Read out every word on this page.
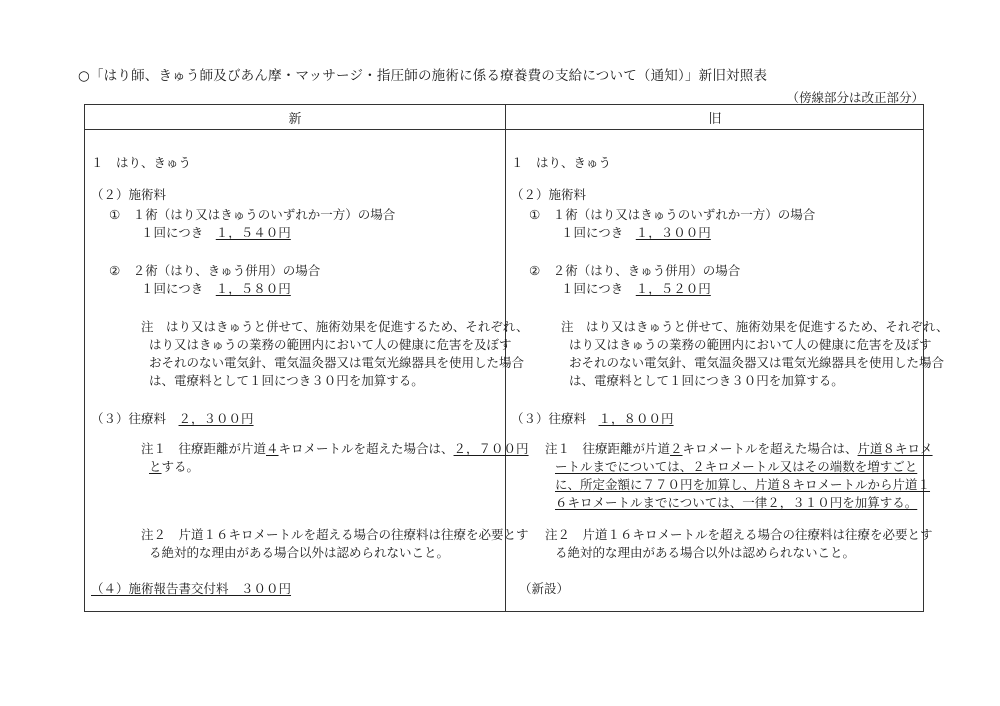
○「はり師、きゅう師及びあん摩・マッサージ・指圧師の施術に係る療養費の支給について（通知）」新旧対照表
（傍線部分は改正部分）
新	旧
１　はり、きゅう
（２）施術料
①　１術（はり又はきゅうのいずれか一方）の場合
１回につき　 １，５４０円
②　２術（はり、きゅう併用）の場合
１回につき　 １，５８０円
注　はり又はきゅうと併せて、施術効果を促進するため、それぞれ、
はり又はきゅうの業務の範囲内において人の健康に危害を及ぼす
おそれのない電気針、電気温灸器又は電気光線器具を使用した場合
は、電療料として１回につき３０円を加算する。
（３）往療料　 ２，３００円
注１　往療距離が片道４キロメートルを超えた場合は、２，７００円
とする。
注２　片道１６キロメートルを超える場合の往療料は往療を必要とす
る絶対的な理由がある場合以外は認められないこと。
（４）施術報告書交付料　３００円
１　はり、きゅう
（２）施術料
①　１術（はり又はきゅうのいずれか一方）の場合
１回につき　 １，３００円
②　２術（はり、きゅう併用）の場合
１回につき　 １，５２０円
注　はり又はきゅうと併せて、施術効果を促進するため、それぞれ、
はり又はきゅうの業務の範囲内において人の健康に危害を及ぼす
おそれのない電気針、電気温灸器又は電気光線器具を使用した場合
は、電療料として１回につき３０円を加算する。
（３）往療料　 １，８００円
注１　往療距離が片道２キロメートルを超えた場合は、片道８キロメ
ートルまでについては、２キロメートル又はその端数を増すごと
に、所定金額に７７０円を加算し、片道８キロメートルから片道１
６キロメートルまでについては、一律２，３１０円を加算する。
注２　片道１６キロメートルを超える場合の往療料は往療を必要とす
る絶対的な理由がある場合以外は認められないこと。
（新設）
